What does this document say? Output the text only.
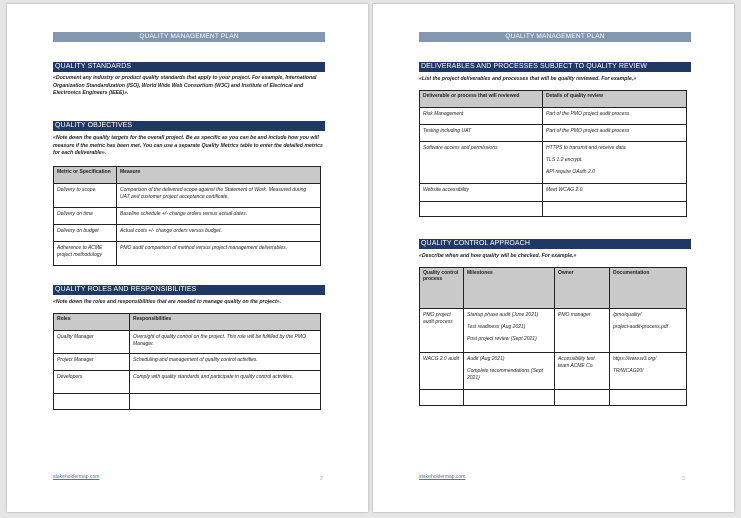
QUALITY MANAGEMENT PLAN
QUALITY STANDARDS
«Document any industry or product quality standards that apply to your project. For example, International Organization Standardization (ISO), World Wide Web Consortium (W3C) and Institute of Electrical and Electronics Engineers (IEEE)».
QUALITY OBJECTIVES
«Note down the quality targets for the overall project. Be as specific as you can be and include how you will measure if the metric has been met. You can use a separate Quality Metrics table to enter the detailed metrics for each deliverable».
Metric or Specification	Measure
Delivery to scope.	Comparison of the delivered scope against the Statement of Work. Measured during UAT and customer project acceptance certificate.
Delivery on time	Baseline schedule +/- change orders versus actual dates.
Delivery on budget	Actual costs +/- change orders versus budget.
Adherence to ACME project methodology	PMO audit comparison of method versus project management deliverables.
QUALITY ROLES AND RESPONSIBILITIES
«Note down the roles and responsibilities that are needed to manage quality on the project».
Roles	Responsibilities
Quality Manager	Oversight of quality control on the project. This role will be fulfilled by the PMO Manager.
Project Manager	Scheduling and management of quality control activities.
Developers	Comply with quality standards and participate in quality control activities.

stakeholdermap.com	2
QUALITY MANAGEMENT PLAN
DELIVERABLES AND PROCESSES SUBJECT TO QUALITY REVIEW
«List the project deliverables and processes that will be quality reviewed. For example,»
Deliverable or process that will reviewed	Details of quality review
Risk Management	Part of the PMO project audit process

Testing including UAT	Part of the PMO project audit process

Software access and permissions	HTTPS to transmit and receive data.
TLS 1.2 encrypt.
API require OAuth 2.0

Website accessibility	Meet WCAG 2.0.

QUALITY CONTROL APPROACH
«Describe when and how quality will be checked. For example,»
Quality control process	Milestones	Owner	Documentation
PMO project audit process	Startup phase audit (June 2021)
Test readiness (Aug 2021)
Post project review (Sept 2021)	PMO manager	/pmo/quality/
project-audit-process.pdf

WACG 2.0 audit	Audit (Aug 2021)
Complete recommendations (Sept 2021)	Accessibility test team ACME Co.	https://www.w3.org/
TR/WCAG20/

stakeholdermap.com	3
